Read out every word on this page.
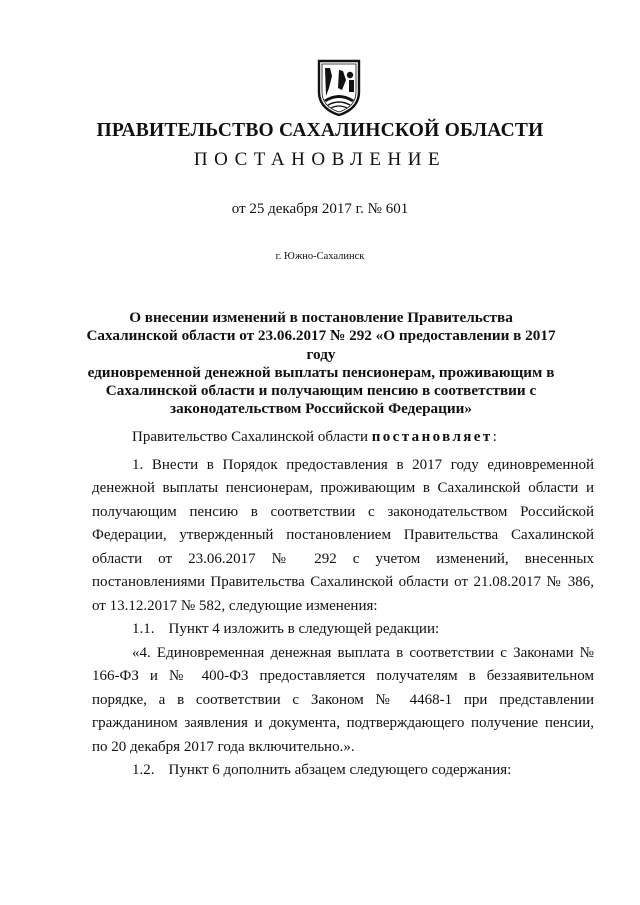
ПРАВИТЕЛЬСТВО САХАЛИНСКОЙ ОБЛАСТИ
ПОСТАНОВЛЕНИЕ
от 25 декабря 2017 г. № 601
г. Южно-Сахалинск
О внесении изменений в постановление Правительства
Сахалинской области от 23.06.2017 № 292 «О предоставлении в 2017 году
единовременной денежной выплаты пенсионерам, проживающим в
Сахалинской области и получающим пенсию в соответствии с
законодательством Российской Федерации»

Правительство Сахалинской области постановляет:

1. Внести в Порядок предоставления в 2017 году единовременной денежной выплаты пенсионерам, проживающим в Сахалинской области и получающим пенсию в соответствии с законодательством Российской Федерации, утвержденный постановлением Правительства Сахалинской области от 23.06.2017 № 292 с учетом изменений, внесенных постановлениями Правительства Сахалинской области от 21.08.2017 № 386, от 13.12.2017 № 582, следующие изменения:

1.1. Пункт 4 изложить в следующей редакции:

«4. Единовременная денежная выплата в соответствии с Законами № 166-ФЗ и № 400-ФЗ предоставляется получателям в беззаявительном порядке, а в соответствии с Законом № 4468-1 при представлении гражданином заявления и документа, подтверждающего получение пенсии, по 20 декабря 2017 года включительно.».

1.2. Пункт 6 дополнить абзацем следующего содержания:
